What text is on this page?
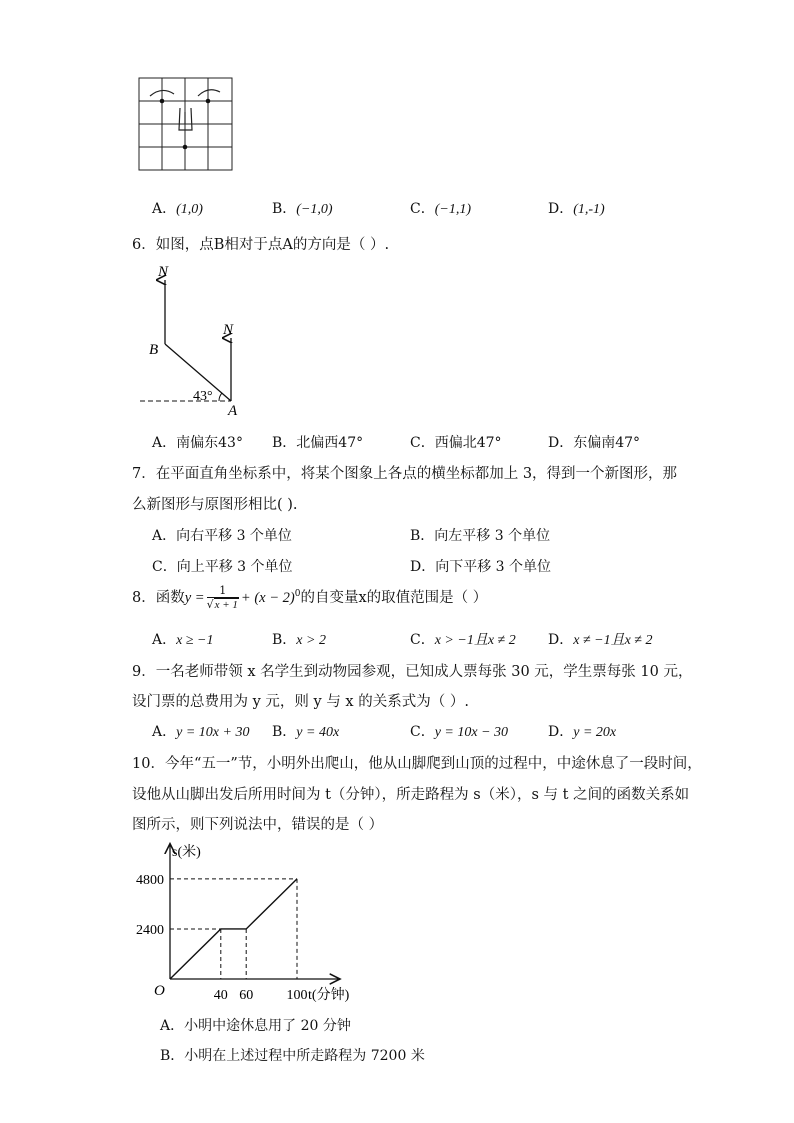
A．(1,0)	B．(−1,0)	C．(−1,1)	D．(1,-1)
6．如图，点B相对于点A的方向是（ ）.
N
N
B
A
43°
A．南偏东43° B．北偏西47°	C．西偏北47°	D．东偏南47°
7．在平面直角坐标系中，将某个图象上各点的横坐标都加上 3，得到一个新图形，那
么新图形与原图形相比( ).
A．向右平移 3 个单位	B．向左平移 3 个单位
C．向上平移 3 个单位	D．向下平移 3 个单位
8．函数$y = \frac{1}{√x + 1} + (x - 2)^0$的自变量x的取值范围是（ ）
A．x ≥ −1	B．x > 2	C．x > −1且x ≠ 2 D．x ≠ −1且x ≠ 2
9．一名老师带领 x 名学生到动物园参观，已知成人票每张 30 元，学生票每张 10 元，
设门票的总费用为 y 元，则 y 与 x 的关系式为（ ）.
A．y = 10x + 30 B．y = 40x	C．y = 10x − 30	D．y = 20x
10．今年“五一”节，小明外出爬山，他从山脚爬到山顶的过程中，中途休息了一段时间，
设他从山脚出发后所用时间为 t（分钟），所走路程为 s（米），s 与 t 之间的函数关系如
图所示，则下列说法中，错误的是（ ）
40 60 100
2400
4800
O	t(分钟)
s(米)
A．小明中途休息用了 20 分钟
B．小明在上述过程中所走路程为 7200 米
